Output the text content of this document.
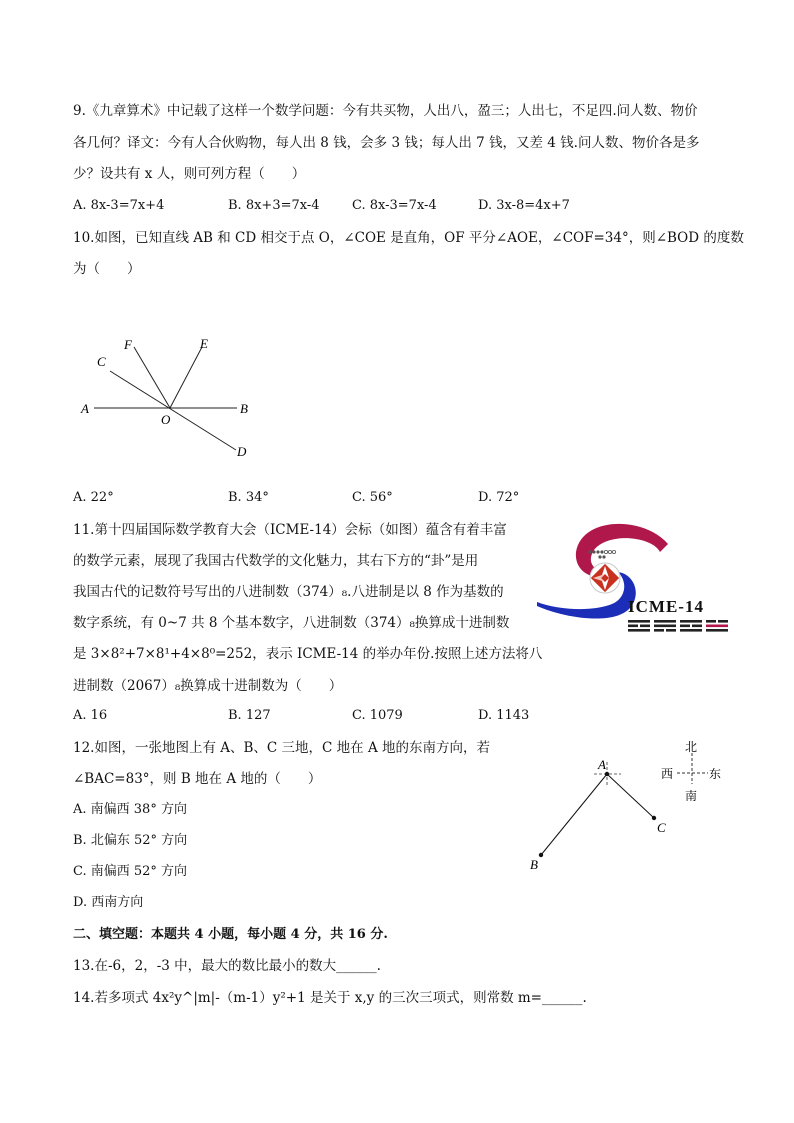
9.《九章算术》中记载了这样一个数学问题：今有共买物，人出八，盈三；人出七，不足四.问人数、物价
各几何？译文：今有人合伙购物，每人出 8 钱，会多 3 钱；每人出 7 钱，又差 4 钱.问人数、物价各是多
少？设共有 x 人，则可列方程（　　）
A. 8x-3=7x+4	B. 8x+3=7x-4 C. 8x-3=7x-4	D. 3x-8=4x+7
10.如图，已知直线 AB 和 CD 相交于点 O，∠COE 是直角，OF 平分∠AOE，∠COF=34°，则∠BOD 的度数
为（　　）
A	B
C
D
E
F
O
A. 22°	B. 34°	C. 56°	D. 72°
11.第十四届国际数学教育大会（ICME-14）会标（如图）蕴含有着丰富
的数学元素，展现了我国古代数学的文化魅力，其右下方的“卦”是用
我国古代的记数符号写出的八进制数（374）₈.八进制是以 8 作为基数的
数字系统，有 0~7 共 8 个基本数字，八进制数（374）₈换算成十进制数
是 3×8²+7×8¹+4×8⁰=252，表示 ICME-14 的举办年份.按照上述方法将八
进制数（2067）₈换算成十进制数为（　　）
ICME-14
A. 16	B. 127	C. 1079	D. 1143
12.如图，一张地图上有 A、B、C 三地，C 地在 A 地的东南方向，若
∠BAC=83°，则 B 地在 A 地的（　　）
北
南
西	东
A
B
C
A. 南偏西 38° 方向
B. 北偏东 52° 方向
C. 南偏西 52° 方向
D. 西南方向
二、填空题：本题共 4 小题，每小题 4 分，共 16 分.
13.在-6，2，-3 中，最大的数比最小的数大______.
14.若多项式 4x²y^|m|-（m-1）y²+1 是关于 x,y 的三次三项式，则常数 m=______.
